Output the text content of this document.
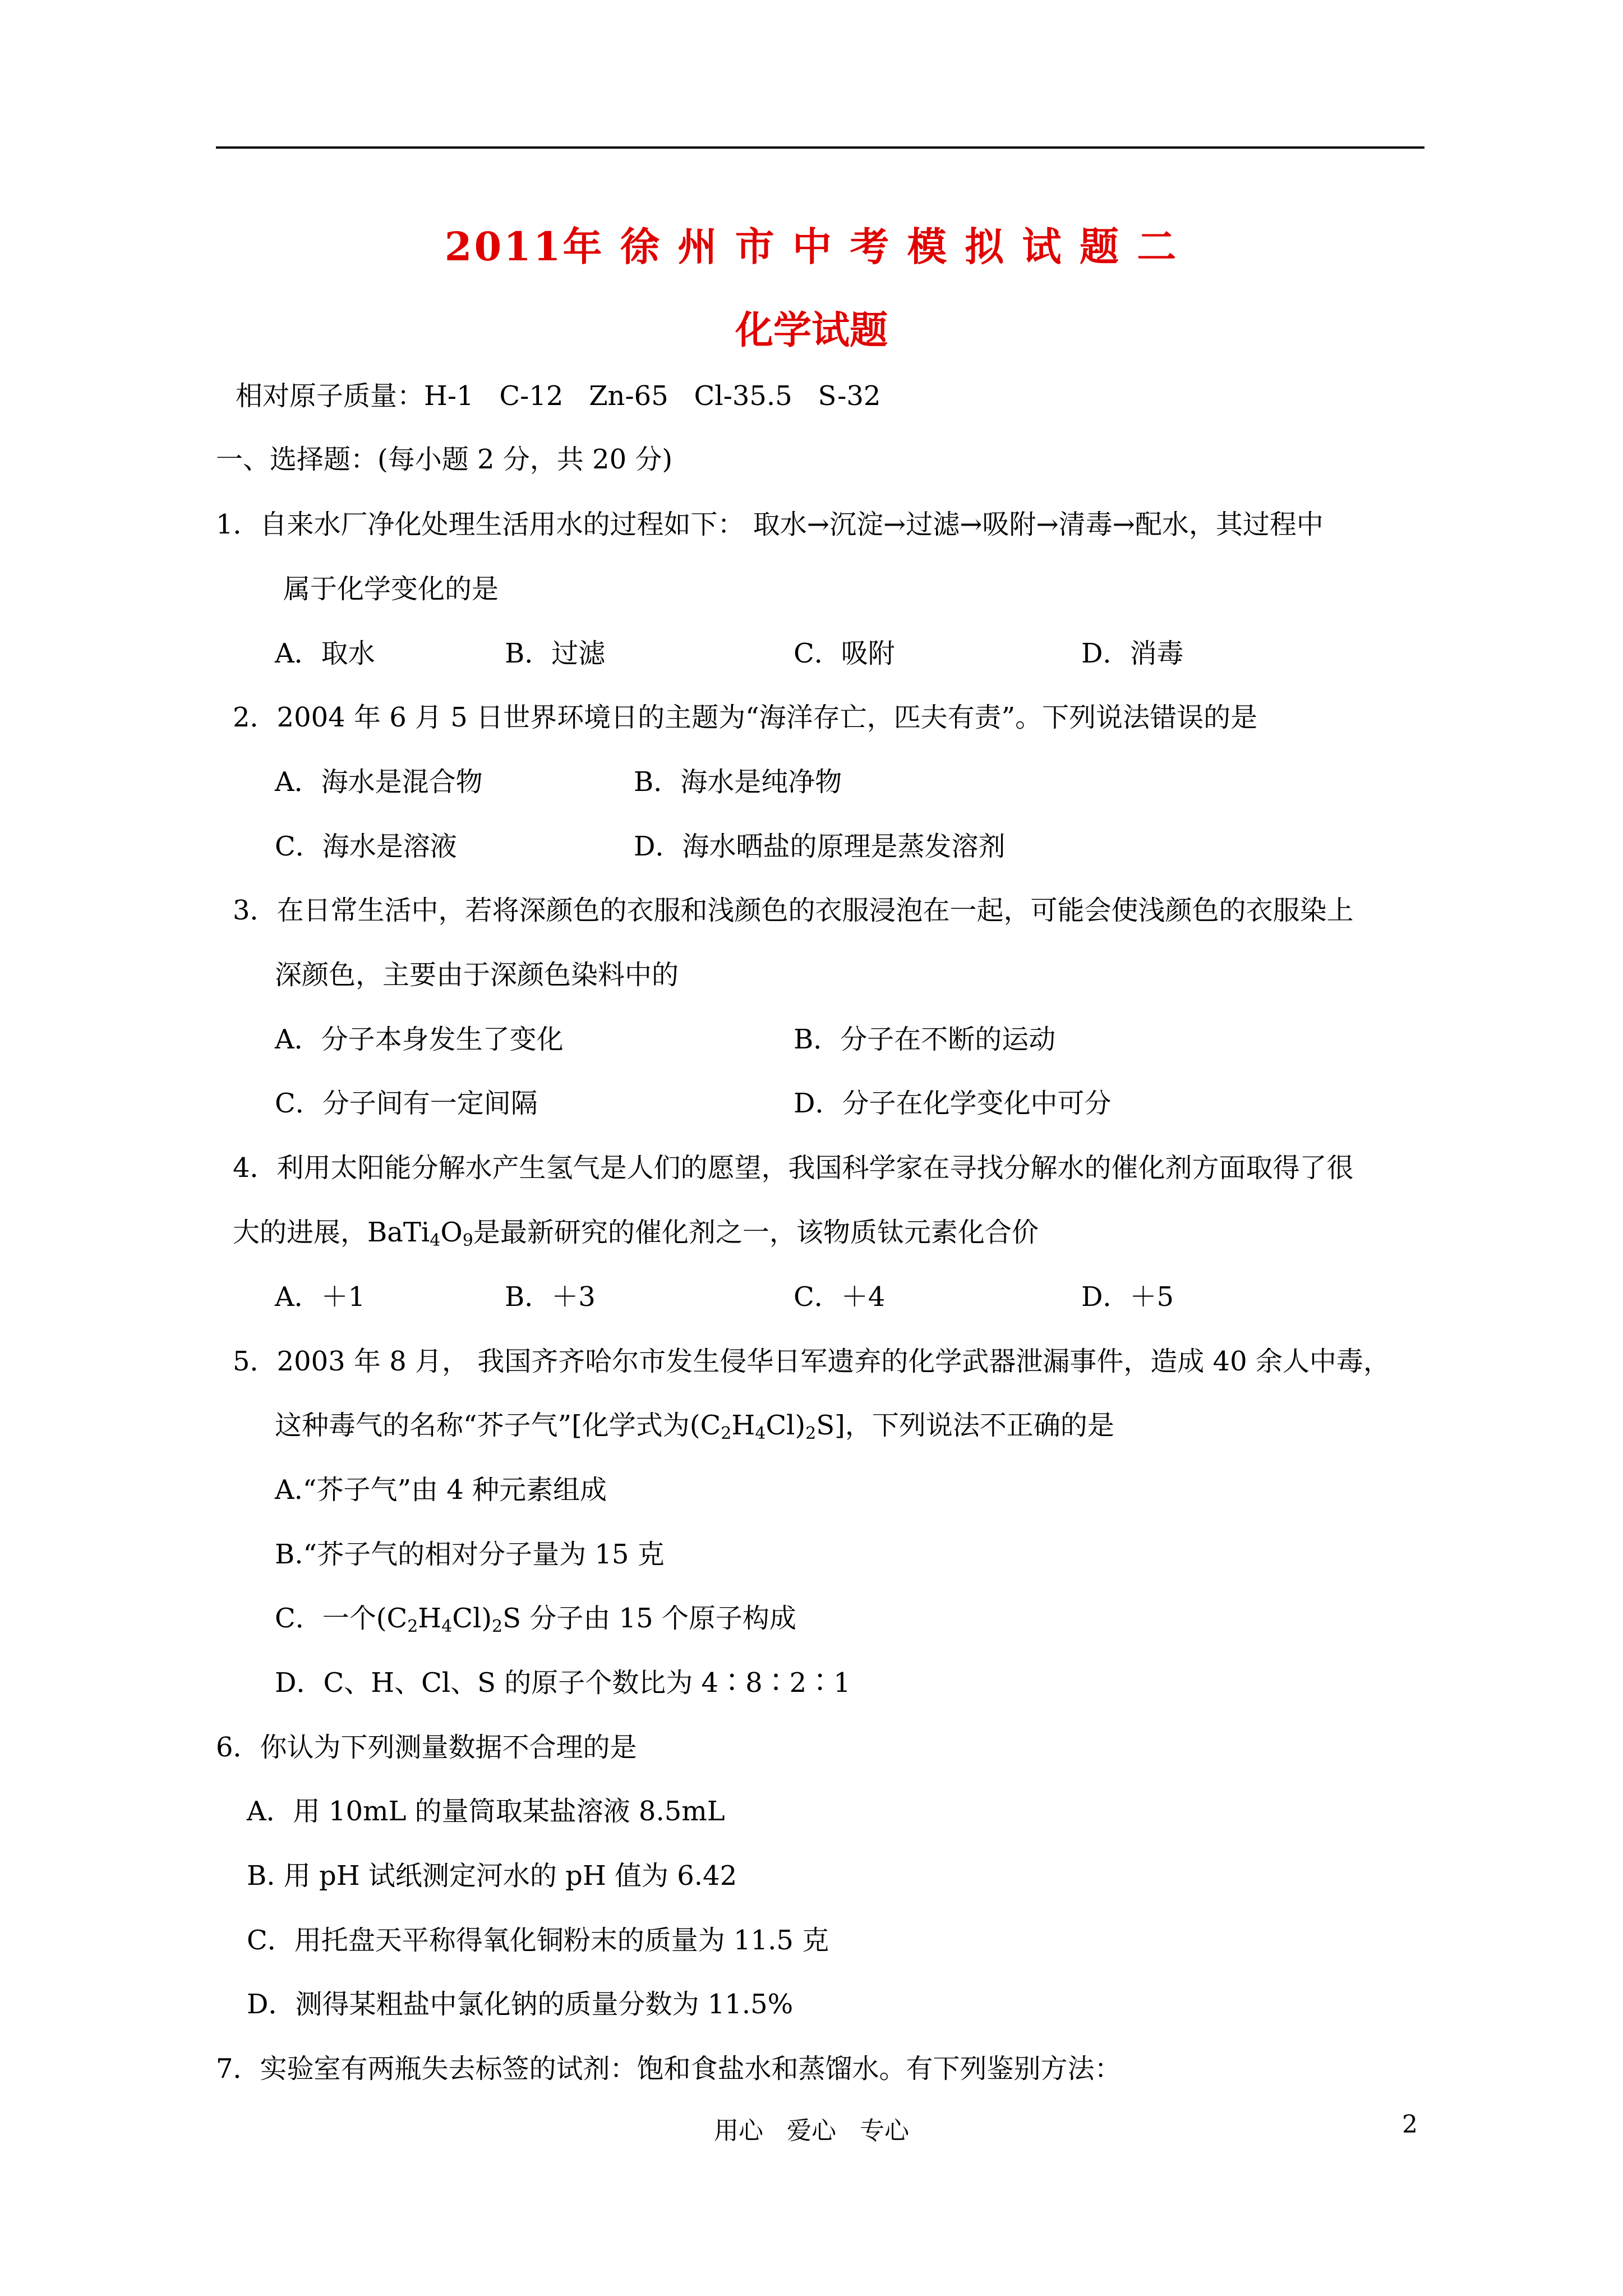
2011年 徐 州 市 中 考 模 拟 试 题 二
化学试题
相对原子质量：H-1   C-12   Zn-65   Cl-35.5   S-32
一、选择题：(每小题 2 分，共 20 分)
1．自来水厂净化处理生活用水的过程如下： 取水→沉淀→过滤→吸附→清毒→配水，其过程中
属于化学变化的是
A．取水	B．过滤	C．吸附	D．消毒
2．2004 年 6 月 5 日世界环境日的主题为“海洋存亡，匹夫有责”。下列说法错误的是
A．海水是混合物	B．海水是纯净物
C．海水是溶液	D．海水晒盐的原理是蒸发溶剂
3．在日常生活中，若将深颜色的衣服和浅颜色的衣服浸泡在一起，可能会使浅颜色的衣服染上
深颜色，主要由于深颜色染料中的
A．分子本身发生了变化	B．分子在不断的运动
C．分子间有一定间隔	D．分子在化学变化中可分
4．利用太阳能分解水产生氢气是人们的愿望，我国科学家在寻找分解水的催化剂方面取得了很
大的进展，$BaTi_4O_9$是最新研究的催化剂之一，该物质钛元素化合价
A．＋1	B．＋3	C．＋4	D．＋5
5．2003 年 8 月， 我国齐齐哈尔市发生侵华日军遗弃的化学武器泄漏事件，造成 40 余人中毒，
这种毒气的名称“芥子气”[化学式为$(C_2H_4Cl)_2S$]，下列说法不正确的是
A.“芥子气”由 4 种元素组成
B.“芥子气的相对分子量为 15 克
C．一个$(C_2H_4Cl)_2S$ 分子由 15 个原子构成
D．C、H、Cl、S 的原子个数比为 4∶8∶2∶1
6．你认为下列测量数据不合理的是
A．用 10mL 的量筒取某盐溶液 8.5mL
B. 用 pH 试纸测定河水的 pH 值为 6.42
C．用托盘天平称得氧化铜粉末的质量为 11.5 克
D．测得某粗盐中氯化钠的质量分数为 11.5%
7．实验室有两瓶失去标签的试剂：饱和食盐水和蒸馏水。有下列鉴别方法：
用心   爱心   专心	2
